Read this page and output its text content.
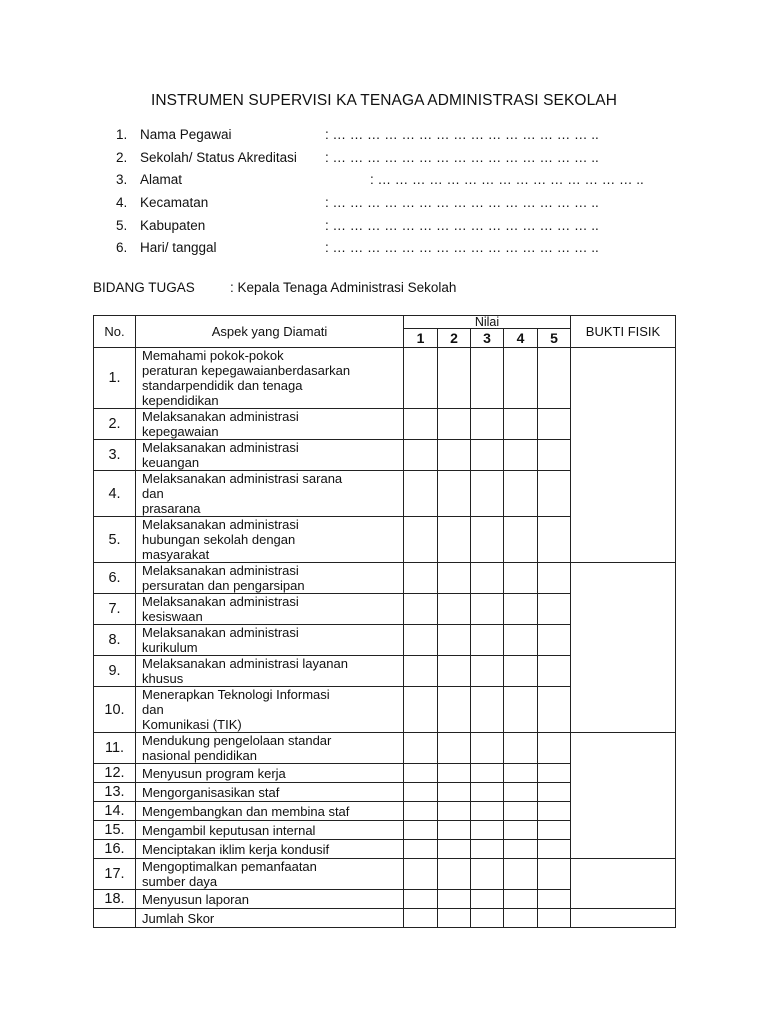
INSTRUMEN SUPERVISI KA TENAGA ADMINISTRASI SEKOLAH
1. Nama Pegawai	: … … … … … … … … … … … … … … … ..
2. Sekolah/ Status Akreditasi : … … … … … … … … … … … … … … … ..
3. Alamat	: … … … … … … … … … … … … … … … ..
4. Kecamatan	: … … … … … … … … … … … … … … … ..
5. Kabupaten	: … … … … … … … … … … … … … … … ..
6. Hari/ tanggal	: … … … … … … … … … … … … … … … ..
BIDANG TUGAS	: Kepala Tenaga Administrasi Sekolah
No.	Aspek yang Diamati	Nilai					BUKTI FISIK
		1	2	3	4	5	
1.	Memahami pokok-pokok
peraturan kepegawaianberdasarkan
standarpendidik dan tenaga
kependidikan						
2.	Melaksanakan administrasi
kepegawaian						
3.	Melaksanakan administrasi
keuangan						
4.	Melaksanakan administrasi sarana
dan
prasarana						
5.	Melaksanakan administrasi
hubungan sekolah dengan
masyarakat						
6.	Melaksanakan administrasi
persuratan dan pengarsipan						
7.	Melaksanakan administrasi
kesiswaan						
8.	Melaksanakan administrasi
kurikulum						
9.	Melaksanakan administrasi layanan
khusus						
10.	Menerapkan Teknologi Informasi
dan
Komunikasi (TIK)						
11.	Mendukung pengelolaan standar
nasional pendidikan						
12.	Menyusun program kerja						
13.	Mengorganisasikan staf						
14.	Mengembangkan dan membina staf						
15.	Mengambil keputusan internal						
16.	Menciptakan iklim kerja kondusif						
17.	Mengoptimalkan pemanfaatan
sumber daya						
18.	Menyusun laporan						
	Jumlah Skor						
